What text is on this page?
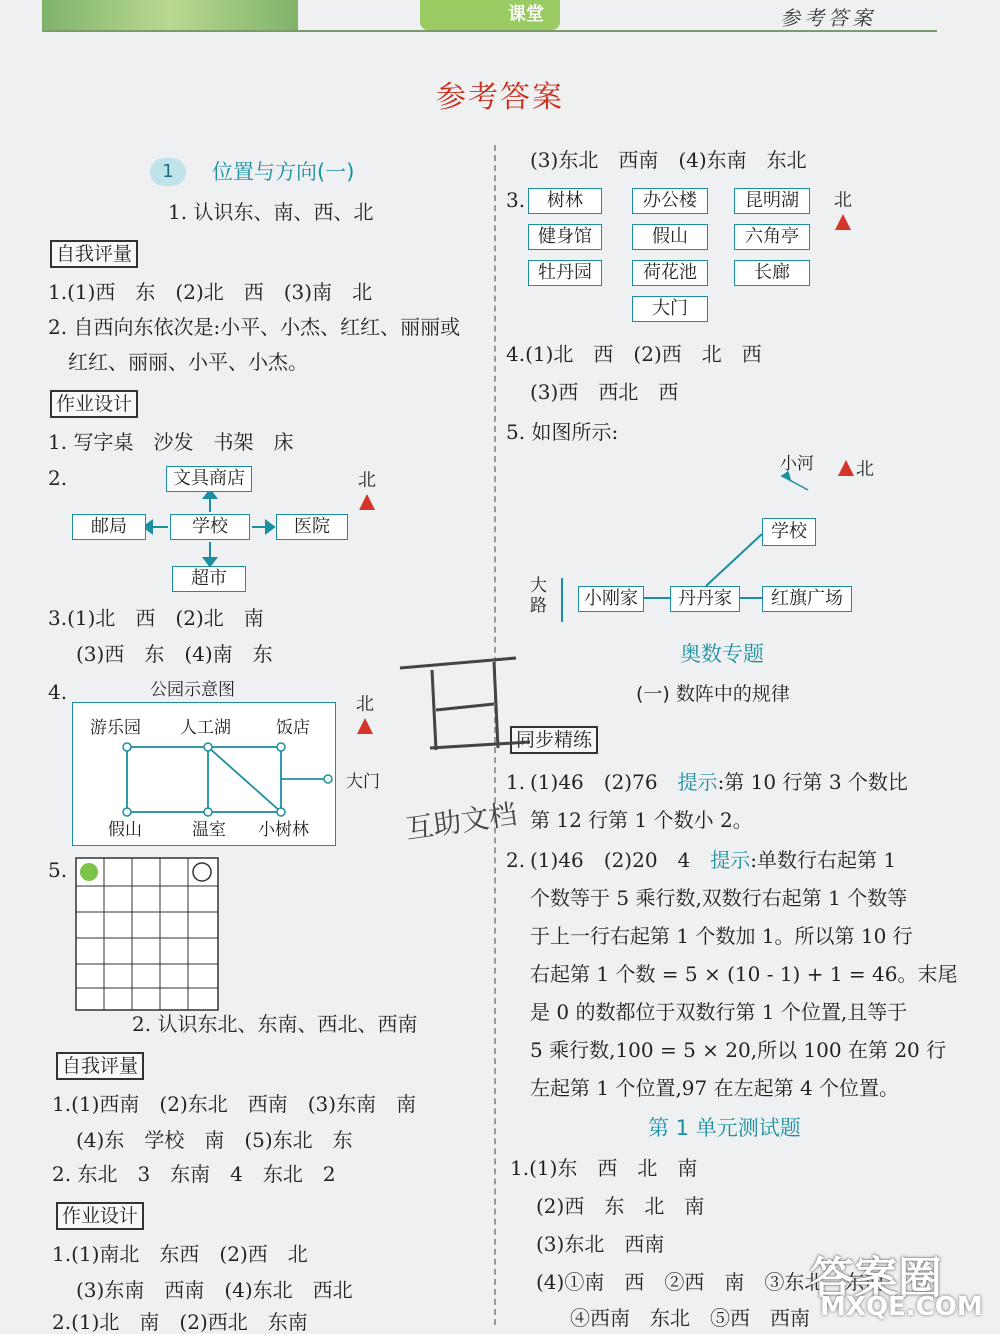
课堂	参考答案
参考答案
1	位置与方向(一)
1. 认识东、南、西、北
自我评量
1.(1)西　东　(2)北　西　(3)南　北
2. 自西向东依次是:小平、小杰、红红、丽丽或
红红、丽丽、小平、小杰。
作业设计
1. 写字桌　沙发　书架　床
2.	文具商店
邮局	学校	医院
超市
北
3.(1)北　西　(2)北　南
(3)西　东　(4)南　东
4.	公园示意图
游乐园 人工湖	饭店
假山	温室 小树林
大门
北
5.
2. 认识东北、东南、西北、西南
自我评量
1.(1)西南　(2)东北　西南　(3)东南　南
(4)东　学校　南　(5)东北　东
2. 东北　3　东南　4　东北　2
作业设计
1.(1)南北　东西　(2)西　北
(3)东南　西南　(4)东北　西北
2.(1)北　南　(2)西北　东南
(3)东北　西南　(4)东南　东北
3.	树林	办公楼	昆明湖
健身馆	假山	六角亭
牡丹园	荷花池	长廊
大门
北
4.(1)北　西　(2)西　北　西
(3)西　西北　西
5. 如图所示:
小河 北
学校
大路	小刚家	丹丹家	红旗广场
奥数专题
(一) 数阵中的规律
同步精练
1. (1)46　(2)76　提示:第 10 行第 3 个数比
第 12 行第 1 个数小 2。
2. (1)46　(2)20　4　提示:单数行右起第 1
个数等于 5 乘行数,双数行右起第 1 个数等
于上一行右起第 1 个数加 1。所以第 10 行
右起第 1 个数 = 5 × (10 - 1) + 1 = 46。末尾
是 0 的数都位于双数行第 1 个位置,且等于
5 乘行数,100 = 5 × 20,所以 100 在第 20 行
左起第 1 个位置,97 在左起第 4 个位置。
第 1 单元测试题
1.(1)东　西　北　南
(2)西　东　北　南
(3)东北　西南
(4)①南　西　②西　南　③东北　东南
④西南　东北　⑤西　西南
互助文档
答案圈
MXQE.COM
